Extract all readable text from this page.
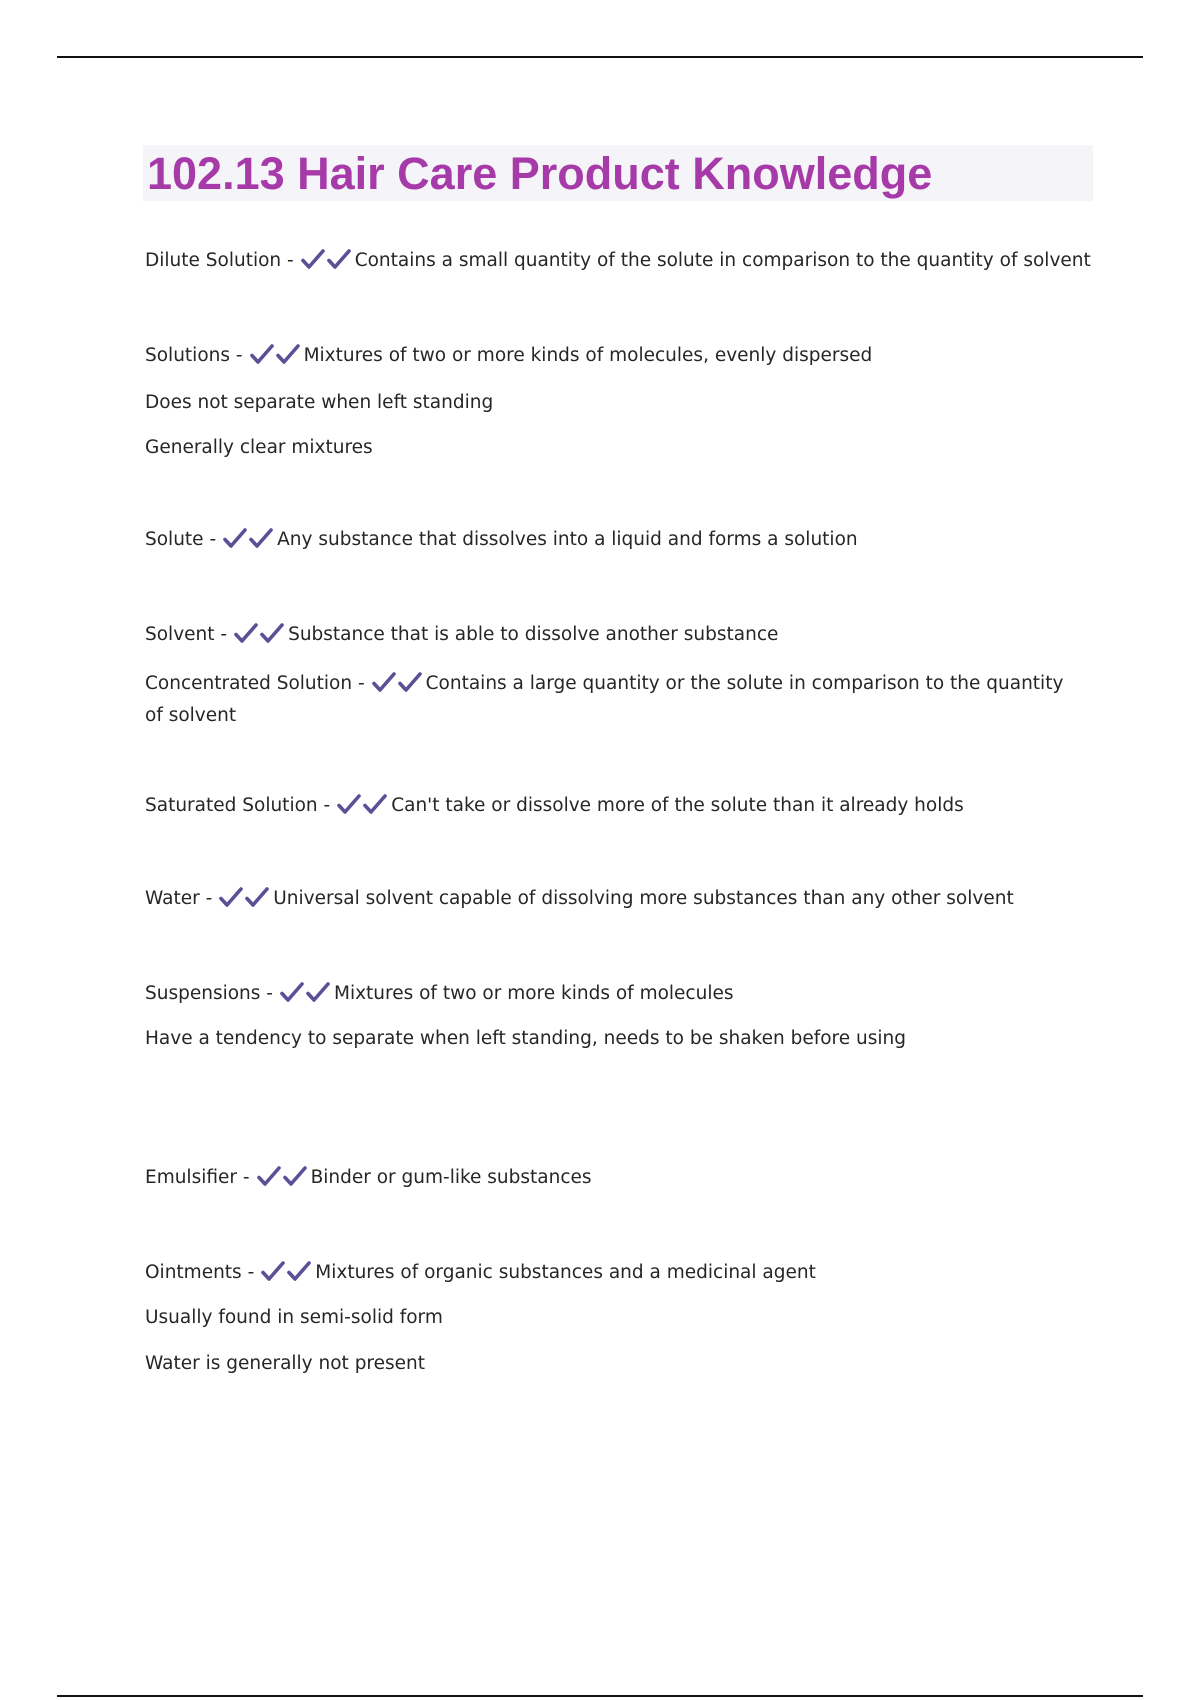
102.13 Hair Care Product Knowledge
Dilute Solution -	Contains a small quantity of the solute in comparison to the quantity of solvent
Solutions -	Mixtures of two or more kinds of molecules, evenly dispersed
Does not separate when left standing
Generally clear mixtures
Solute -	Any substance that dissolves into a liquid and forms a solution
Solvent -	Substance that is able to dissolve another substance
Concentrated Solution -	Contains a large quantity or the solute in comparison to the quantity of solvent
Saturated Solution -	Can't take or dissolve more of the solute than it already holds
Water -	Universal solvent capable of dissolving more substances than any other solvent
Suspensions -	Mixtures of two or more kinds of molecules
Have a tendency to separate when left standing, needs to be shaken before using
Emulsifier -	Binder or gum-like substances
Ointments -	Mixtures of organic substances and a medicinal agent
Usually found in semi-solid form
Water is generally not present
